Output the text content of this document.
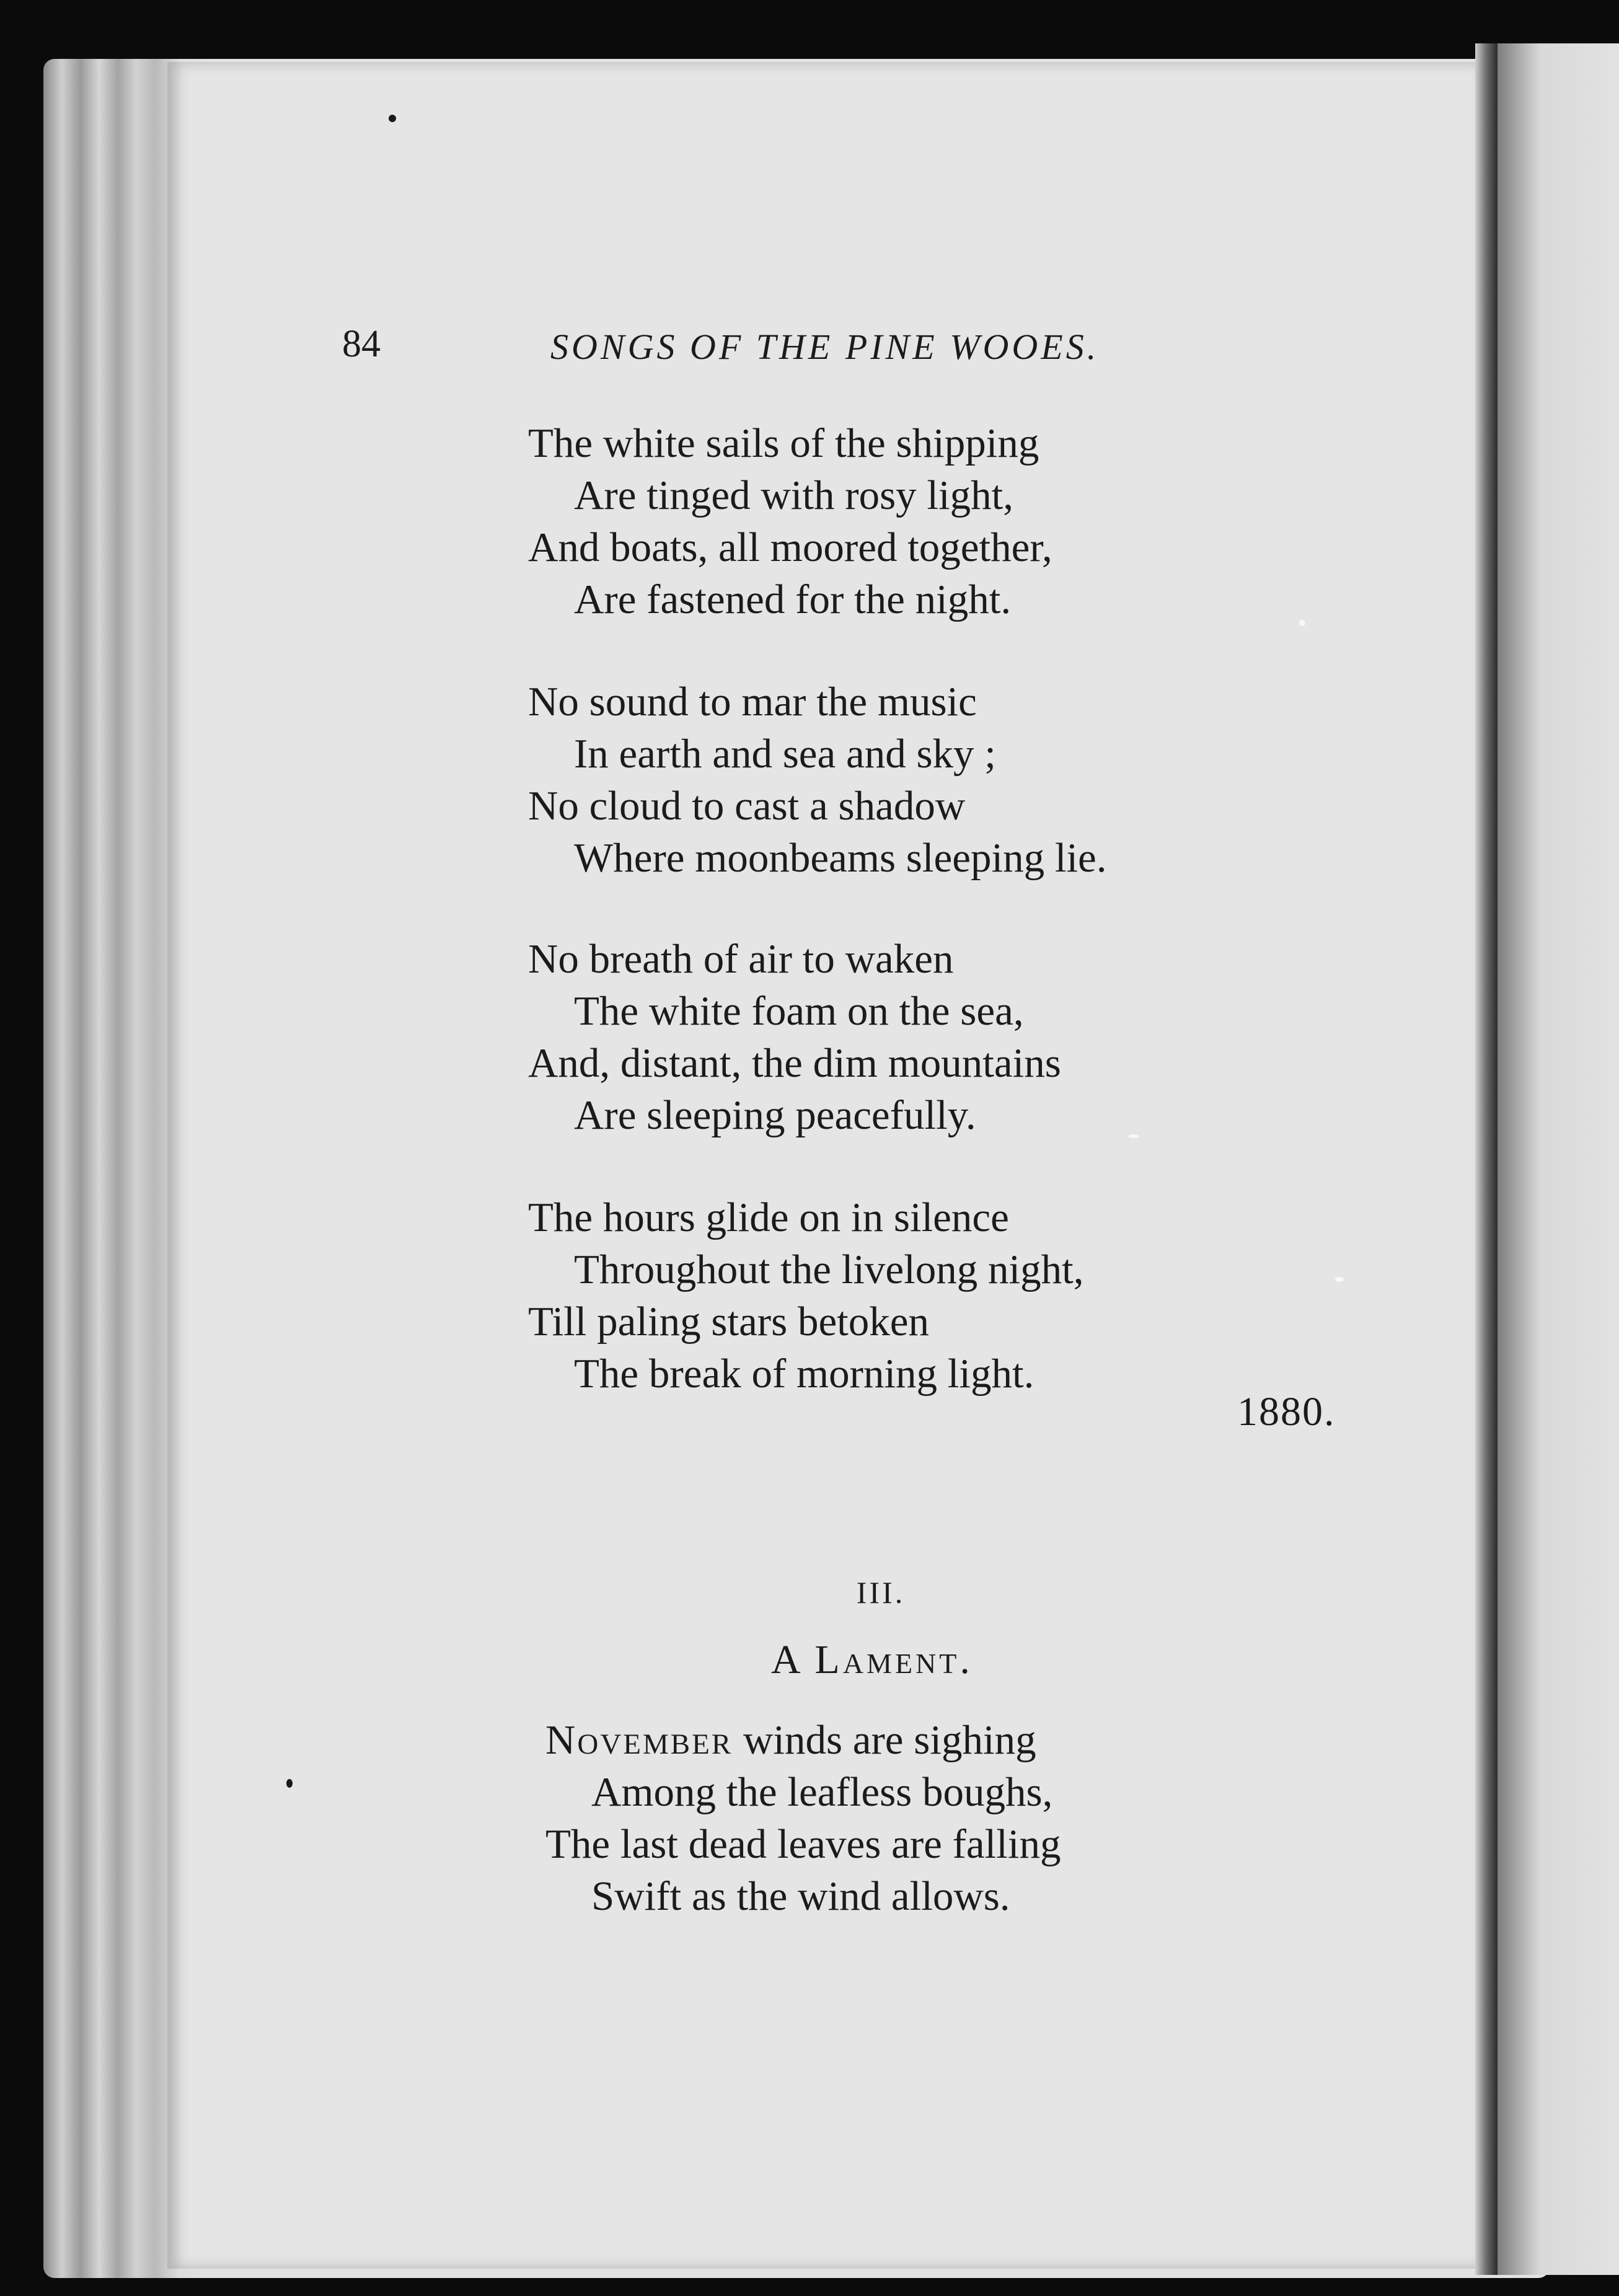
84	SONGS OF THE PINE WOOES.
The white sails of the shipping
Are tinged with rosy light,
And boats, all moored together,
Are fastened for the night.
No sound to mar the music
In earth and sea and sky ;
No cloud to cast a shadow
Where moonbeams sleeping lie.
No breath of air to waken
The white foam on the sea,
And, distant, the dim mountains
Are sleeping peacefully.
The hours glide on in silence
Throughout the livelong night,
Till paling stars betoken
The break of morning light.
1880.
III.
A Lament.
November winds are sighing
Among the leafless boughs,
The last dead leaves are falling
Swift as the wind allows.
